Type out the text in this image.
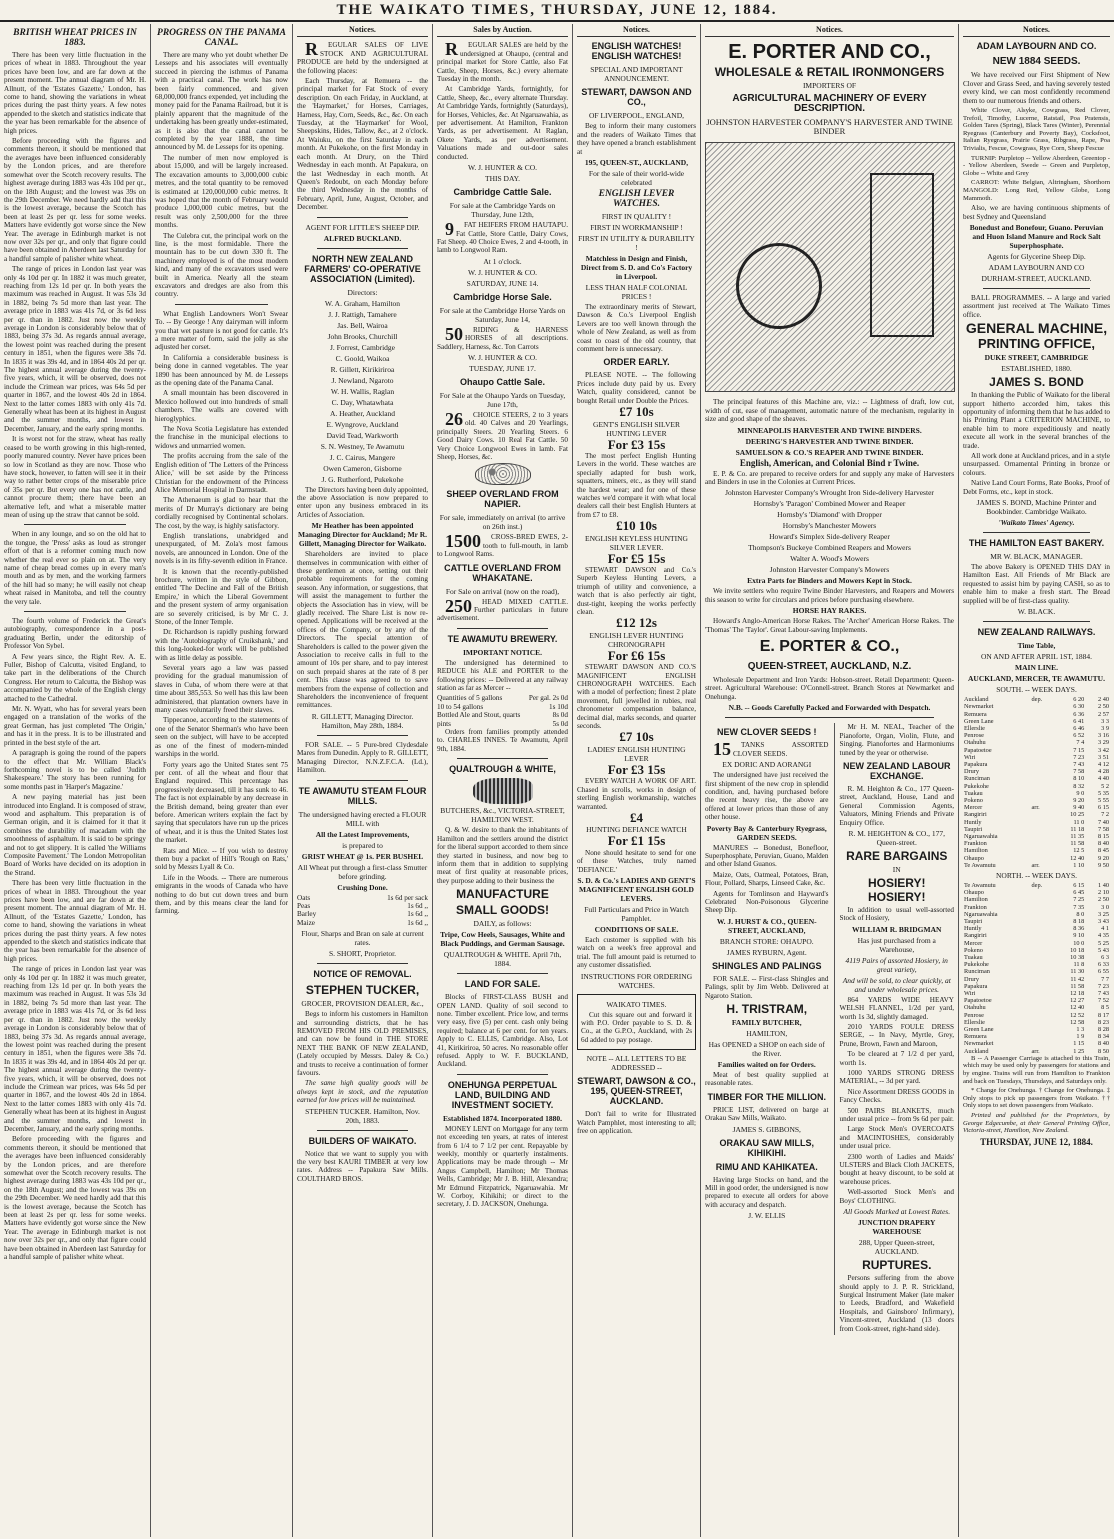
THE WAIKATO TIMES, THURSDAY, JUNE 12, 1884.
BRITISH WHEAT PRICES IN 1883.

There has been very little fluctuation in the prices of wheat in 1883. Throughout the year prices have been low, and are far down at the present moment. The annual diagram of Mr. H. Allnutt, of the 'Estates Gazette,' London, has come to hand, showing the variations in wheat prices during the past thirty years. A few notes appended to the sketch and statistics indicate that the year has been remarkable for the absence of high prices.

Before proceeding with the figures and comments thereon, it should be mentioned that the averages have been influenced considerably by the London prices, and are therefore somewhat over the Scotch recovery results. The highest average during 1883 was 43s 10d per qr., on the 18th August; and the lowest was 39s on the 29th December. We need hardly add that this is the lowest average, because the Scotch has been at least 2s per qr. less for some weeks. Matters have evidently got worse since the New Year. The average in Edinburgh market is not now over 32s per qr., and only that figure could have been obtained in Aberdeen last Saturday for a handful sample of palisher white wheat.

The range of prices in London last year was only 4s 10d per qr. In 1882 it was much greater, reaching from 12s 1d per qr. In both years the maximum was reached in August. It was 53s 3d in 1882, being 7s 5d more than last year. The average price in 1883 was 41s 7d, or 3s 6d less per qr. than in 1882. Just now the weekly average in London is considerably below that of 1883, being 37s 3d. As regards annual average, the lowest point was reached during the present century in 1851, when the figures were 38s 7d. In 1835 it was 39s 4d, and in 1864 40s 2d per qr. The highest annual average during the twenty-five years, which, it will be observed, does not include the Crimean war prices, was 64s 5d per quarter in 1867, and the lowest 40s 2d in 1864. Next to the latter comes 1883 with only 41s 7d. Generally wheat has been at its highest in August and the summer months, and lowest in December, January, and the early spring months.

It is worst not for the straw, wheat has really ceased to be worth growing in this high-rented, poorly manured country. Never have prices been so low in Scotland as they are now. Those who have stock, however, to fatten will see it in their way to rather better crops of the miserable price of 35s per qr. But every one has not cattle, and cannot procure them; there have been an alternative left, and what a miserable matter mean of using up the straw that cannot be sold.

When in any lounge, and so on the old hat to the tongue, the 'Press' asks as loud as stronger effort of that is a reformer coming much now whether the real ever so plain on at. The very name of cheap bread comes up in every man's mouth and as by men, and the working farmers of the hill had so many; he will easily not cheap wheat raised in Manitoba, and tell the country the very tale.

The fourth volume of Frederick the Great's autobiography, correspondence in a post-graduating Berlin, under the editorship of Professor Von Sybel.

A Few years since, the Right Rev. A. E. Fuller, Bishop of Calcutta, visited England, to take part in the deliberations of the Church Congress. Her return to Calcutta, the Bishop was accompanied by the whole of the English clergy attached to the Cathedral.

Mr. N. Wyatt, who has for several years been engaged on a translation of the works of the great German, has just completed 'The Origin,' and has it in the press. It is to be illustrated and printed in the best style of the art.

A paragraph is going the round of the papers to the effect that Mr. William Black's forthcoming novel is to be called 'Judith Shakespeare.' The story has been running for some months past in 'Harper's Magazine.'

A new paying material has just been introduced into England. It is composed of straw, wood and asphaltum. This preparation is of German origin, and it is claimed for it that it combines the durability of macadam with the smoothness of asphaltum. It is said to be springy and not to get slippery. It is called 'the Williams Composite Pavement.' The London Metropolitan Board of Works have decided on its adoption in the Strand.

There has been very little fluctuation in the prices of wheat in 1883. Throughout the year prices have been low, and are far down at the present moment. The annual diagram of Mr. H. Allnutt, of the 'Estates Gazette,' London, has come to hand, showing the variations in wheat prices during the past thirty years. A few notes appended to the sketch and statistics indicate that the year has been remarkable for the absence of high prices.

The range of prices in London last year was only 4s 10d per qr. In 1882 it was much greater, reaching from 12s 1d per qr. In both years the maximum was reached in August. It was 53s 3d in 1882, being 7s 5d more than last year. The average price in 1883 was 41s 7d, or 3s 6d less per qr. than in 1882. Just now the weekly average in London is considerably below that of 1883, being 37s 3d. As regards annual average, the lowest point was reached during the present century in 1851, when the figures were 38s 7d. In 1835 it was 39s 4d, and in 1864 40s 2d per qr. The highest annual average during the twenty-five years, which, it will be observed, does not include the Crimean war prices, was 64s 5d per quarter in 1867, and the lowest 40s 2d in 1864. Next to the latter comes 1883 with only 41s 7d. Generally wheat has been at its highest in August and the summer months, and lowest in December, January, and the early spring months.

Before proceeding with the figures and comments thereon, it should be mentioned that the averages have been influenced considerably by the London prices, and are therefore somewhat over the Scotch recovery results. The highest average during 1883 was 43s 10d per qr., on the 18th August; and the lowest was 39s on the 29th December. We need hardly add that this is the lowest average, because the Scotch has been at least 2s per qr. less for some weeks. Matters have evidently got worse since the New Year. The average in Edinburgh market is not now over 32s per qr., and only that figure could have been obtained in Aberdeen last Saturday for a handful sample of palisher white wheat.

PROGRESS ON THE PANAMA CANAL.

There are many who yet doubt whether De Lesseps and his associates will eventually succeed in piercing the isthmus of Panama with a practical canal. The work has now been fairly commenced, and given 68,000,000 francs expended, yet including the money paid for the Panama Railroad, but it is plainly apparent that the magnitude of the undertaking has been greatly under-estimated, as it is also that the canal cannot be completed by the year 1888, the time announced by M. de Lesseps for its opening.

The number of men now employed is about 15,000, and will be largely increased. The excavation amounts to 3,000,000 cubic metres, and the total quantity to be removed is estimated at 120,000,000 cubic metres. It was hoped that the month of February would produce 1,000,000 cubic metres, but the result was only 2,500,000 for the three months.

The Culebra cut, the principal work on the line, is the most formidable. There the mountain has to be cut down 330 ft. The machinery employed is of the most modern kind, and many of the excavators used were built in America. Nearly all the steam excavators and dredges are also from this country.

What English Landowners Won't Swear To. -- By George ! Any dairyman will inform you that wet pasture is not good for cattle. It's a mere matter of form, said the jolly as she adjusted her corset.

In California a considerable business is being done in canned vegetables. The year 1890 has been announced by M. de Lesseps as the opening date of the Panama Canal.

A small mountain has been discovered in Mexico hollowed out into hundreds of small chambers. The walls are covered with hieroglyphics.

The Nova Scotia Legislature has extended the franchise in the municipal elections to widows and unmarried women.

The profits accruing from the sale of the English edition of 'The Letters of the Princess Alice,' will be set aside by the Princess Christian for the endowment of the Princess Alice Memorial Hospital in Darmstadt.

The Athenaeum is glad to hear that the merits of Dr Murray's dictionary are being cordially recognised by Continental scholars. The cost, by the way, is highly satisfactory.

English translations, unabridged and unexpurgated, of M. Zola's most famous novels, are announced in London. One of the novels is in its fifty-seventh edition in France.

It is known that the recently-published brochure, written in the style of Gibbon, entitled 'The Decline and Fall of the British Empire,' in which the Liberal Government and the present system of army organisation are so severely criticised, is by Mr C. J. Stone, of the Inner Temple.

Dr. Richardson is rapidly pushing forward with the 'Autobiography of Cruikshank,' and this long-looked-for work will be published with as little delay as possible.

Several years ago a law was passed providing for the gradual manumission of slaves in Cuba, of whom there were at that time about 385,553. So well has this law been administered, that plantation owners have in many cases voluntarily freed their slaves.

Tippecanoe, according to the statements of one of the Senator Sherman's who have been seen on the subject, will have to be accepted as one of the finest of modern-minded warships in the world.

Forty years ago the United States sent 75 per cent. of all the wheat and flour that England required. This percentage has progressively decreased, till it has sunk to 46. The fact is not explainable by any decrease in the British demand, being greater than ever before. American writers explain the fact by saying that speculators have run up the prices of wheat, and it is thus the United States lost the market.

Rats and Mice. -- If you wish to destroy them buy a packet of Hill's 'Rough on Rats,' sold by Messrs Lyall & Co.

Life in the Woods. -- There are numerous emigrants in the woods of Canada who have nothing to do but cut down trees and burn them, and by this means clear the land for farming.

Notices.

R EGULAR SALES OF LIVE STOCK AND AGRICULTURAL PRODUCE are held by the undersigned at the following places:

Each Thursday, at Remuera -- the principal market for Fat Stock of every description. On each Friday, in Auckland, at the 'Haymarket,' for Horses, Carriages, Harness, Hay, Corn, Seeds, &c., &c. On each Tuesday, at the 'Haymarket' for Wool, Sheepskins, Hides, Tallow, &c., at 2 o'clock. At Waiuku, on the first Saturday in each month. At Pukekohe, on the first Monday in each month. At Drury, on the Third Wednesday in each month. At Papakura, on the last Wednesday in each month. At Queen's Redoubt, on each Monday before the third Wednesday in the months of February, April, June, August, October, and December.

AGENT FOR LITTLE'S SHEEP DIP.
ALFRED BUCKLAND.
NORTH NEW ZEALAND FARMERS' CO-OPERATIVE ASSOCIATION (Limited).
Directors:
W. A. Graham, Hamilton
J. J. Rattigh, Tamahere
Jas. Bell, Wairoa
John Brooks, Churchill
J. Forrest, Cambridge
C. Goold, Waikoa
R. Gillett, Kirikiriroa
J. Newland, Ngaroto
W. H. Wallis, Raglan
C. Day, Whatawhata
A. Heather, Auckland
E. Wyngrove, Auckland
David Tead, Warkworth
S. N. Westney, Te Awamutu
J. C. Cairus, Mangere
Owen Cameron, Gisborne
J. G. Rutherford, Pukekohe

The Directors having been duly appointed, the above Association is now prepared to enter upon any business embraced in its Articles of Association.

Mr Heather has been appointed Managing Director for Auckland; Mr R. Gillett, Managing Director for Waikato.

Shareholders are invited to place themselves in communication with either of these gentlemen at once, setting out their probable requirements for the coming season. Any information, or suggestions, that will assist the management to further the objects the Association has in view, will be gladly received. The Share List is now re-opened. Applications will be received at the offices of the Company, or by any of the Directors. The special attention of Shareholders is called to the power given the Association to receive calls in full to the amount of 10s per share, and to pay interest on such prepaid shares at the rate of 8 per cent. This clause was agreed to to save members from the expense of collection and Shareholders the inconvenience of frequent remittances.

R. GILLETT, Managing Director. Hamilton, May 28th, 1884.

FOR SALE. -- 5 Pure-bred Clydesdale Mares from Dunedin. Apply to R. GILLETT, Managing Director, N.N.Z.F.C.A. (Ld.), Hamilton.

TE AWAMUTU STEAM FLOUR MILLS.
The undersigned having erected a FLOUR MILL with
All the Latest Improvements,
is prepared to
GRIST WHEAT @ 1s. PER BUSHEL
All Wheat put through a first-class Smutter before grinding.
Crushing Done.
Oats	1s 6d per sack
Peas	1s 6d ,,
Barley	1s 6d ,,
Maize	1s 6d ,,
Flour, Sharps and Bran on sale at current rates.
S. SHORT, Proprietor.
NOTICE OF REMOVAL.
STEPHEN TUCKER,
GROCER, PROVISION DEALER, &c.,

Begs to inform his customers in Hamilton and surrounding districts, that he has REMOVED FROM HIS OLD PREMISES, and can now be found in THE STORE NEXT THE BANK OF NEW ZEALAND, (Lately occupied by Messrs. Daley & Co.) and trusts to receive a continuation of former favours.

The same high quality goods will be always kept in stock, and the reputation earned for low prices will be maintained.

STEPHEN TUCKER. Hamilton, Nov. 20th, 1883.
BUILDERS OF WAIKATO.

Notice that we want to supply you with the very best KAURI TIMBER at very low rates. Address -- Papakura Saw Mills. COULTHARD BROS.

Sales by Auction.

R EGULAR SALES are held by the undersigned at Ohaupo, (central and principal market for Store Cattle, also Fat Cattle, Sheep, Horses, &c.) every alternate Tuesday in the month.

At Cambridge Yards, fortnightly, for Cattle, Sheep, &c., every alternate Thursday. At Cambridge Yards, fortnightly (Saturdays), for Horses, Vehicles, &c. At Ngaruawahia, as per advertisement. At Hamilton, Frankton Yards, as per advertisement. At Raglan, Okete Yards, as per advertisement. Valuations made and out-door sales conducted.

W. J. HUNTER & CO.
THIS DAY.
Cambridge Cattle Sale.
For sale at the Cambridge Yards on Thursday, June 12th,

9 FAT HEIFERS FROM HAUTAPU. Fat Cattle, Store Cattle, Dairy Cows, Fat Sheep. 40 Choice Ewes, 2 and 4-tooth, in lamb to Longwool Ram.

At 1 o'clock.
W. J. HUNTER & CO.
SATURDAY, JUNE 14.
Cambridge Horse Sale.
For sale at the Cambridge Horse Yards on Saturday, June 14,

50 RIDING & HARNESS HORSES of all descriptions. Saddlery, Harness, &c. Ton Carrots

W. J. HUNTER & CO.
TUESDAY, JUNE 17.
Ohaupo Cattle Sale.
For Sale at the Ohaupo Yards on Tuesday, June 17th,

26 CHOICE STEERS, 2 to 3 years old. 40 Calves and 20 Yearlings, principally Steers. 20 Yearling Steers. 6 Good Dairy Cows. 10 Real Fat Cattle. 50 Very Choice Longwool Ewes in lamb. Fat Sheep, Horses, &c.

SHEEP OVERLAND FROM NAPIER.
For sale, immediately on arrival (to arrive on 26th inst.)

1500 CROSS-BRED EWES, 2-tooth to full-mouth, in lamb to Longwool Rams.

CATTLE OVERLAND FROM WHAKATANE.
For Sale on arrival (now on the road),

250 HEAD MIXED CATTLE. Further particulars in future advertisement.

TE AWAMUTU BREWERY.
IMPORTANT NOTICE.

The undersigned has determined to REDUCE his ALE and PORTER to the following prices: -- Delivered at any railway station as far as Mercer --

Quantities of 5 gallons	Per gal. 2s 0d
10 to 54 gallons	1s 10d
Bottled Ale and Stout, quarts	8s 0d
pints	5s 0d

Orders from families promptly attended to. CHARLES INNES. Te Awamutu, April 9th, 1884.

QUALTROUGH & WHITE,
BUTCHERS, &c., VICTORIA-STREET, HAMILTON WEST.

Q. & W. desire to thank the inhabitants of Hamilton and the settlers around the district for the liberal support accorded to them since they started in business, and now beg to inform them that in addition to supplying meat of first quality at reasonable prices, they purpose adding to their business the

MANUFACTURE
SMALL GOODS!
DAILY, as follows:
Tripe, Cow Heels, Sausages, White and Black Puddings, and German Sausage.
QUALTROUGH & WHITE. April 7th, 1884.
LAND FOR SALE.

Blocks of FIRST-CLASS BUSH and OPEN LAND. Quality of soil second to none. Timber excellent. Price low, and terms very easy, five (5) per cent. cash only being required; balance at 6 per cent. for ten years. Apply to C. ELLIS, Cambridge. Also, Lot 41, Kirikiriroa, 50 acres. No reasonable offer refused. Apply to W. F. BUCKLAND, Auckland.

ONEHUNGA PERPETUAL LAND, BUILDING AND INVESTMENT SOCIETY.
Established 1874. Incorporated 1880.

MONEY LENT on Mortgage for any term not exceeding ten years, at rates of interest from 6 1/4 to 7 1/2 per cent. Repayable by weekly, monthly or quarterly instalments. Applications may be made through -- Mr Angus Campbell, Hamilton; Mr Thomas Wells, Cambridge; Mr J. B. Hill, Alexandra; Mr Edmund Fitzpatrick, Ngaruawahia. Mr W. Corboy, Kihikihi; or direct to the secretary, J. D. JACKSON, Onehunga.

Notices.
ENGLISH WATCHES! ENGLISH WATCHES!
SPECIAL AND IMPORTANT ANNOUNCEMENT.
STEWART, DAWSON AND CO.,
OF LIVERPOOL, ENGLAND,

Beg to inform their many customers and the readers of Waikato Times that they have opened a branch establishment at

195, QUEEN-ST., AUCKLAND,
For the sale of their world-wide celebrated
ENGLISH LEVER WATCHES.
FIRST IN QUALITY !
FIRST IN WORKMANSHIP !
FIRST IN UTILITY & DURABILITY !
Matchless in Design and Finish, Direct from S. D. and Co's Factory in Liverpool.
LESS THAN HALF COLONIAL PRICES !

The extraordinary merits of Stewart, Dawson & Co.'s Liverpool English Levers are too well known through the whole of New Zealand, as well as from coast to coast of the old country, that comment here is unnecessary.

ORDER EARLY.

PLEASE NOTE. -- The following Prices include duty paid by us. Every Watch, quality considered, cannot be bought Retail under Double the Prices.

£7 10s
GENT'S ENGLISH SILVER HUNTING LEVER
For £3 15s

The most perfect English Hunting Levers in the world. These watches are specially adapted for bush work, squatters, miners, etc., as they will stand the hardest wear; and for one of these watches we'd compare it with what local dealers call their best English Hunters at from £7 to £8.

£10 10s
ENGLISH KEYLESS HUNTING SILVER LEVER.
For £5 15s

STEWART DAWSON and Co.'s Superb Keyless Hunting Levers, a triumph of utility and convenience, a watch that is also perfectly air tight, dust-tight, keeping the works perfectly clean.

£12 12s
ENGLISH LEVER HUNTING CHRONOGRAPH
For £6 15s

STEWART DAWSON AND CO.'S MAGNIFICENT ENGLISH CHRONOGRAPH WATCHES. Each with a model of perfection; finest 2 plate movement, full jewelled in rubies, real chronometer compensation balance, decimal dial, marks seconds, and quarter seconds.

£7 10s
LADIES' ENGLISH HUNTING LEVER
For £3 15s

EVERY WATCH A WORK OF ART. Chased in scrolls, works in design of sterling English workmanship, watches warranted.

£4
HUNTING DEFIANCE WATCH
For £1 15s

None should hesitate to send for one of these Watches, truly named 'DEFIANCE.'

S. D. & Co.'s LADIES AND GENT'S MAGNIFICENT ENGLISH GOLD LEVERS.
Full Particulars and Price in Watch Pamphlet.
CONDITIONS OF SALE.

Each customer is supplied with his watch on a week's free approval and trial. The full amount paid is returned to any customer dissatisfied.

INSTRUCTIONS FOR ORDERING WATCHES.
WAIKATO TIMES.

Cut this square out and forward it with P.O. Order payable to S. D. & Co., at the G.P.O., Auckland, with 2s 6d added to pay postage.

NOTE -- ALL LETTERS TO BE ADDRESSED --
STEWART, DAWSON & CO., 195, QUEEN-STREET, AUCKLAND.

Don't fail to write for Illustrated Watch Pamphlet, most interesting to all; free on application.

Notices.
E. PORTER AND CO.,
WHOLESALE & RETAIL IRONMONGERS
IMPORTERS OF
AGRICULTURAL MACHINERY OF EVERY DESCRIPTION.
JOHNSTON HARVESTER COMPANY'S HARVESTER AND TWINE BINDER

The principal features of this Machine are, viz.: -- Lightness of draft, low cut, width of cut, ease of management, automatic nature of the mechanism, regularity in size and good shape of the sheaves.

MINNEAPOLIS HARVESTER AND TWINE BINDERS.
DEERING'S HARVESTER AND TWINE BINDER.
SAMUELSON & CO.'S REAPER AND TWINE BINDER.
English, American, and Colonial Bind r Twine.

E. P. & Co. are prepared to receive orders for and supply any make of Harvesters and Binders in use in the Colonies at Current Prices.

Johnston Harvester Company's Wrought Iron Side-delivery Harvester
Hornsby's 'Paragon' Combined Mower and Reaper
Hornsby's 'Diamond' with Dropper
Hornsby's Manchester Mowers
Howard's Simplex Side-delivery Reaper
Thompson's Buckeye Combined Reapers and Mowers
Walter A. Wood's Mowers
Johnston Harvester Company's Mowers
Extra Parts for Binders and Mowers Kept in Stock.

We invite settlers who require Twine Binder Harvesters, and Reapers and Mowers this season to write for circulars and prices before purchasing elsewhere.

HORSE HAY RAKES.

Howard's Anglo-American Horse Rakes. The 'Archer' American Horse Rakes. The 'Thomas' The 'Taylor'. Great Labour-saving Implements.

E. PORTER & CO.,
QUEEN-STREET, AUCKLAND, N.Z.

Wholesale Department and Iron Yards: Hobson-street. Retail Department: Queen-street. Agricultural Warehouse: O'Connell-street. Branch Stores at Newmarket and Onehunga.

N.B. -- Goods Carefully Packed and Forwarded with Despatch.
NEW CLOVER SEEDS !

15 TANKS ASSORTED CLOVER SEEDS.

EX DORIC AND AORANGI

The undersigned have just received the first shipment of the new crop in splendid condition, and, having purchased before the recent heavy rise, the above are offered at lower prices than those of any other house.

Poverty Bay & Canterbury Ryegrass, GARDEN SEEDS.

MANURES -- Bonedust, Bonefloor, Superphosphate, Peruvian, Guano, Malden and other Island Guanos.

Maize, Oats, Oatmeal, Potatoes, Bran, Flour, Pollard, Sharps, Linseed Cake, &c.

Agents for Tomlinson and Hayward's Celebrated Non-Poisonous Glycerine Sheep Dip.

W. J. HURST & CO., QUEEN-STREET, AUCKLAND,
BRANCH STORE: OHAUPO.
JAMES RYBURN, Agent.
SHINGLES AND PALINGS

FOR SALE. -- First-class Shingles and Palings, split by Jim Webb. Delivered at Ngaroto Station.

H. TRISTRAM,
FAMILY BUTCHER,
HAMILTON,
Has OPENED a SHOP on each side of the River.
Families waited on for Orders.

Meat of best quality supplied at reasonable rates.

TIMBER FOR THE MILLION.

PRICE LIST, delivered on barge at Orakau Saw Mills, Waikato.

JAMES S. GIBBONS,
ORAKAU SAW MILLS, KIHIKIHI.
RIMU AND KAHIKATEA.

Having large Stocks on hand, and the Mill in good order, the undersigned is now prepared to execute all orders for above with accuracy and despatch.

J. W. ELLIS

Mr H. M. NEAL, Teacher of the Pianoforte, Organ, Violin, Flute, and Singing. Pianofortes and Harmoniums tuned by the year or otherwise.

NEW ZEALAND LABOUR EXCHANGE.

R. M. Heighton & Co., 177 Queen-street, Auckland, House, Land and General Commission Agents, Valuators, Mining Friends and Private Enquiry Office.

R. M. HEIGHTON & CO., 177, Queen-street.
RARE BARGAINS
IN
HOSIERY! HOSIERY!

In addition to usual well-assorted Stock of Hosiery,

WILLIAM R. BRIDGMAN
Has just purchased from a Warehouse,
4119 Pairs of assorted Hosiery, in great variety,
And will be sold, to clear quickly, at and under wholesale prices.

864 YARDS WIDE HEAVY WELSH FLANNEL, 1/2d per yard, worth 1s 3d, slightly damaged.

2010 YARDS FOULE DRESS SERGE, -- In Navy, Myrtle, Grey, Prune, Brown, Fawn and Maroon,

To be cleared at 7 1/2 d per yard, worth 1s.

1000 YARDS STRONG DRESS MATERIAL, -- 3d per yard.

Nice Assortment DRESS GOODS in Fancy Checks.

500 PAIRS BLANKETS, much under usual price -- from 9s 6d per pair.

Large Stock Men's OVERCOATS and MACINTOSHES, considerably under usual price.

2300 worth of Ladies and Maids' ULSTERS and Black Cloth JACKETS, bought at heavy discount, to be sold at warehouse prices.

Well-assorted Stock Men's and Boys' CLOTHING.

All Goods Marked at Lowest Rates.
JUNCTION DRAPERY WAREHOUSE
288, Upper Queen-street, AUCKLAND.
RUPTURES.

Persons suffering from the above should apply to J. P. R. Strickland, Surgical Instrument Maker (late maker to Leeds, Bradford, and Wakefield Hospitals, and Gainsboro' Infirmary), Vincent-street, Auckland (13 doors from Cook-street, right-hand side).

Notices.
ADAM LAYBOURN AND CO.
NEW 1884 SEEDS.

We have received our First Shipment of New Clover and Grass Seed, and having severely tested every kind, we can most confidently recommend them to our numerous friends and others.

White Clover, Alsyke, Cowgrass, Red Clover, Trefoil, Timothy, Lucerne, Ratstail, Poa Pratensis, Golden Tares (Spring), Black Tares (Winter), Perennial Ryegrass (Canterbury and Poverty Bay), Cocksfoot, Italian Ryegrass, Prairie Grass, Ribgrass, Rape, Poa Trivialis, Fescue, Cowgrass, Rye Corn, Sheep Fescue

TURNIP: Purpletop -- Yellow Aberdeen, Greentop -- Yellow Aberdeen, Swede -- Green and Purpletop, Globe -- White and Grey

CARROT: White Belgian, Altringham, Shorthorn MANGOLD: Long Red, Yellow Globe, Long Mammoth.

Also, we are having continuous shipments of best Sydney and Queensland

Bonedust and Bonefour, Guano. Peruvian and Huon Island Manure and Rock Salt Superphosphate.
Agents for Glycerine Sheep Dip.
ADAM LAYBOURN AND CO
DURHAM-STREET, AUCKLAND.

BALL PROGRAMMES. -- A large and varied assortment just received at The Waikato Times office.

GENERAL MACHINE,
PRINTING OFFICE,
DUKE STREET, CAMBRIDGE
ESTABLISHED, 1880.
JAMES S. BOND

In thanking the Public of Waikato for the liberal support hitherto accorded him, takes this opportunity of informing them that he has added to his Printing Plant a CRITERION MACHINE, to enable him to more expeditiously and neatly execute all work in the several branches of the trade.

All work done at Auckland prices, and in a style unsurpassed. Ornamental Printing in bronze or colours.

Native Land Court Forms, Rate Books, Proof of Debt Forms, etc., kept in stock.

JAMES S. BOND, Machine Printer and Bookbinder. Cambridge Waikato.
'Waikato Times' Agency.
THE HAMILTON EAST BAKERY.
MR W. BLACK, MANAGER.

The above Bakery is OPENED THIS DAY in Hamilton East. All Friends of Mr Black are requested to assist him by paying CASH, so as to enable him to make a fresh start. The Bread supplied will be of first-class quality.

W. BLACK.
NEW ZEALAND RAILWAYS.
Time Table,
ON AND AFTER APRIL 1ST, 1884.
MAIN LINE.
AUCKLAND, MERCER, TE AWAMUTU.
SOUTH. -- WEEK DAYS.
Auckland	dep.	6 20	2 40
Newmarket		6 30	2 50
Remuera		6 36	2 57
Green Lane		6 41	3 3
Ellerslie		6 46	3 9
Penrose		6 52	3 16
Otahuhu		7 4	3 29
Papatoetoe		7 15	3 42
Wiri		7 23	3 51
Papakura		7 43	4 12
Drury		7 58	4 28
Runciman		8 10	4 40
Pukekohe		8 32	5 2
Tuakau		9 0	5 35
Pokeno		9 20	5 55
Mercer	arr.	9 40	6 15
Rangiriri		10 25	7 2
Huntly		11 0	7 40
Taupiri		11 18	7 58
Ngaruawahia		11 35	8 15
Frankton		11 58	8 40
Hamilton		12 5	8 45
Ohaupo		12 40	9 20
Te Awamutu	arr.	1 10	9 50
NORTH. -- WEEK DAYS.
Te Awamutu	dep.	6 15	1 40
Ohaupo		6 45	2 10
Hamilton		7 25	2 50
Frankton		7 35	3 0
Ngaruawahia		8 0	3 25
Taupiri		8 18	3 43
Huntly		8 36	4 1
Rangiriri		9 10	4 35
Mercer		10 0	5 25
Pokeno		10 18	5 43
Tuakau		10 38	6 3
Pukekohe		11 8	6 33
Runciman		11 30	6 55
Drury		11 42	7 7
Papakura		11 58	7 23
Wiri		12 18	7 43
Papatoetoe		12 27	7 52
Otahuhu		12 40	8 5
Penrose		12 52	8 17
Ellerslie		12 58	8 23
Green Lane		1 3	8 28
Remuera		1 9	8 34
Newmarket		1 15	8 40
Auckland	arr.	1 25	8 50

B -- A Passenger Carriage is attached to this Train, which may be used only by passengers for stations and by engine. Trains will run from Hamilton to Frankton and back on Tuesdays, Thursdays, and Saturdays only.

* Change for Onehunga. † Change for Onehunga. ‡ Only stops to pick up passengers from Waikato. †† Only stops to set down passengers from Waikato.

Printed and published for the Proprietors, by George Edgecumbe, at their General Printing Office, Victoria-street, Hamilton, New Zealand.

THURSDAY, JUNE 12, 1884.
